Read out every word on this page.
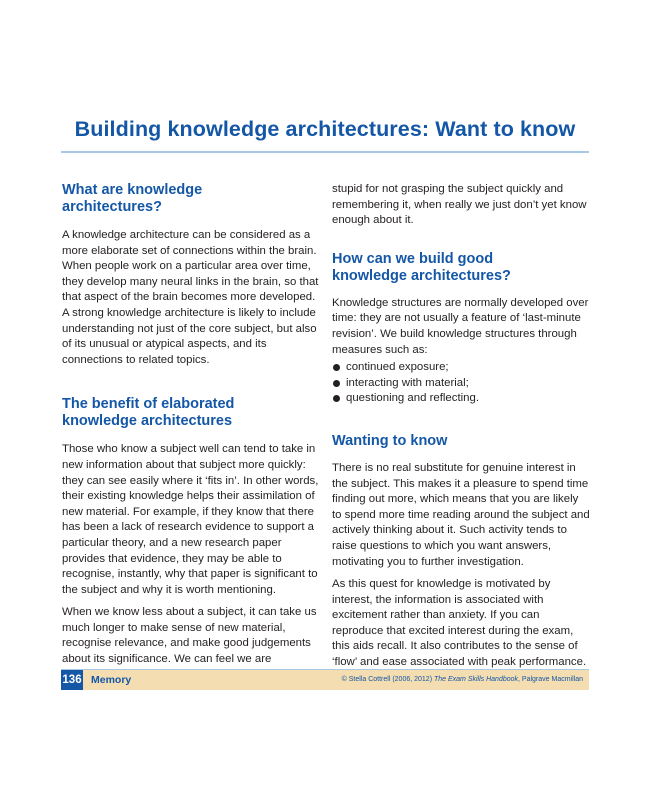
Building knowledge architectures: Want to know
What are knowledge
architectures?

A knowledge architecture can be considered as a more elaborate set of connections within the brain. When people work on a particular area over time, they develop many neural links in the brain, so that that aspect of the brain becomes more developed. A strong knowledge architecture is likely to include understanding not just of the core subject, but also of its unusual or atypical aspects, and its connections to related topics.

The benefit of elaborated
knowledge architectures

Those who know a subject well can tend to take in new information about that subject more quickly: they can see easily where it ‘fits in’. In other words, their existing knowledge helps their assimilation of new material. For example, if they know that there has been a lack of research evidence to support a particular theory, and a new research paper provides that evidence, they may be able to recognise, instantly, why that paper is significant to the subject and why it is worth mentioning.

When we know less about a subject, it can take us much longer to make sense of new material, recognise relevance, and make good judgements about its significance. We can feel we are

stupid for not grasping the subject quickly and remembering it, when really we just don’t yet know enough about it.

How can we build good
knowledge architectures?

Knowledge structures are normally developed over time: they are not usually a feature of ‘last-minute revision’. We build knowledge structures through measures such as:

continued exposure;
interacting with material;
questioning and reflecting.
Wanting to know

There is no real substitute for genuine interest in the subject. This makes it a pleasure to spend time finding out more, which means that you are likely to spend more time reading around the subject and actively thinking about it. Such activity tends to raise questions to which you want answers, motivating you to further investigation.

As this quest for knowledge is motivated by interest, the information is associated with excitement rather than anxiety. If you can reproduce that excited interest during the exam, this aids recall. It also contributes to the sense of ‘flow’ and ease associated with peak performance.

136 Memory	© Stella Cottrell (2006, 2012) The Exam Skills Handbook, Palgrave Macmillan
